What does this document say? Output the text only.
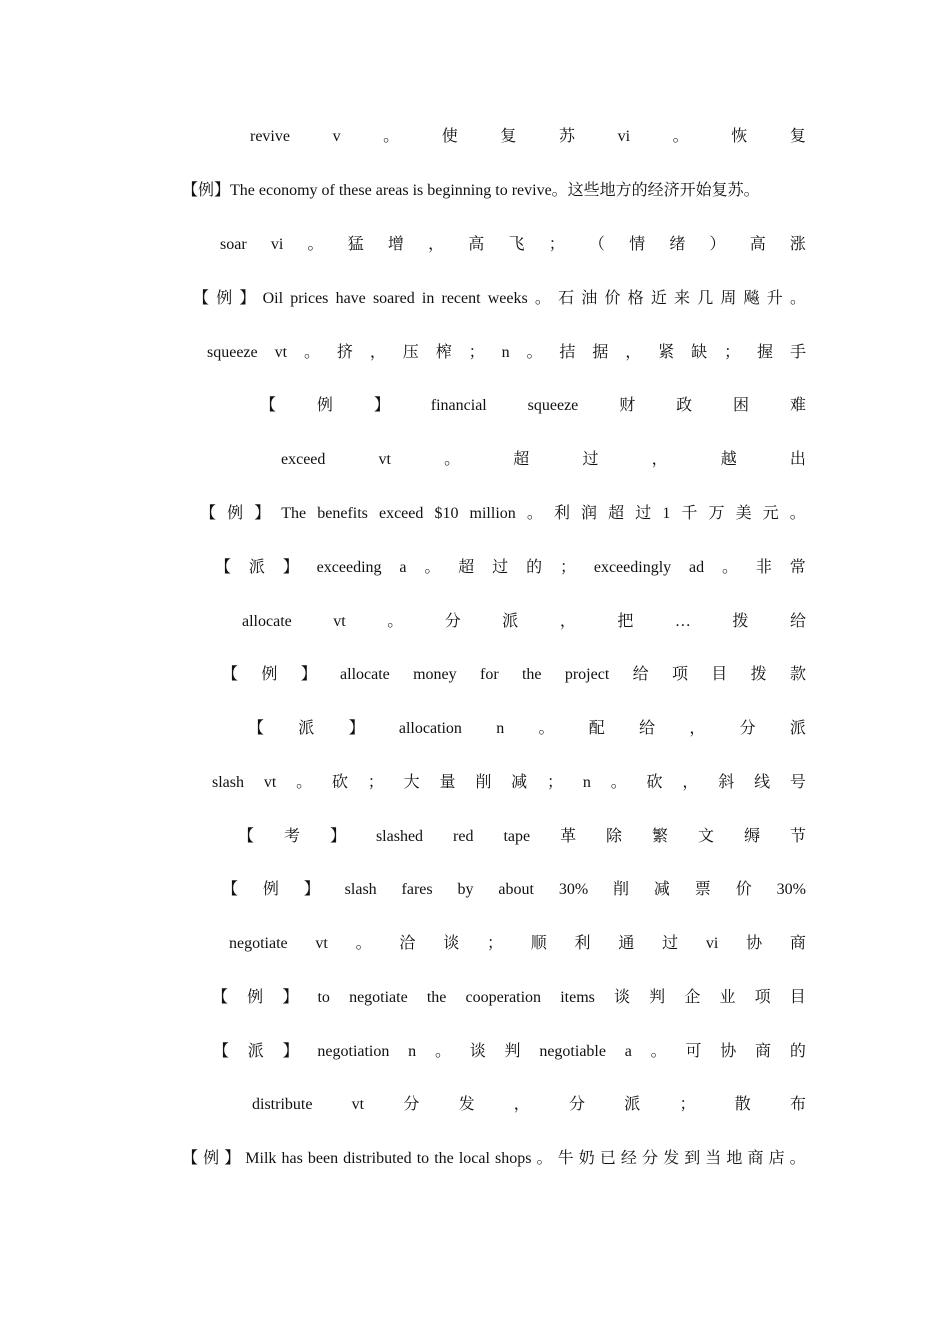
revive	v	。	使	复	苏	vi	。	恢	复
【例】The economy of these areas is beginning to revive。这些地方的经济开始复苏。
soar vi 。 猛 增 ， 高 飞 ； （ 情 绪 ） 高 涨
【 例 】 Oil prices have soared in recent weeks 。 石 油 价 格 近 来 几 周 飚 升 。
squeeze vt 。 挤 ， 压 榨 ； n 。 拮 据 ， 紧 缺 ； 握 手
【	例	】	financial	squeeze	财	政	困	难
exceed	vt	。	超	过	，	越	出
【 例 】 The benefits exceed $10 million 。 利 润 超 过 1 千 万 美 元 。
【 派 】 exceeding a 。 超 过 的 ； exceedingly ad 。 非 常
allocate	vt	。	分	派	，	把	…	拨	给
【 例 】 allocate money for the project 给 项 目 拨 款
【 派 】 allocation n 。 配 给 ， 分 派
slash vt 。 砍 ； 大 量 削 减 ； n 。 砍 ， 斜 线 号
【 考 】 slashed red tape 革 除 繁 文 缛 节
【 例 】 slash fares by about 30% 削 减 票 价 30%
negotiate vt 。 洽 谈 ； 顺 利 通 过 vi 协 商
【 例 】 to negotiate the cooperation items 谈 判 企 业 项 目
【 派 】 negotiation n 。 谈 判 negotiable a 。 可 协 商 的
distribute vt 分 发 ， 分 派 ； 散 布
【 例 】 Milk has been distributed to the local shops 。 牛 奶 已 经 分 发 到 当 地 商 店 。
